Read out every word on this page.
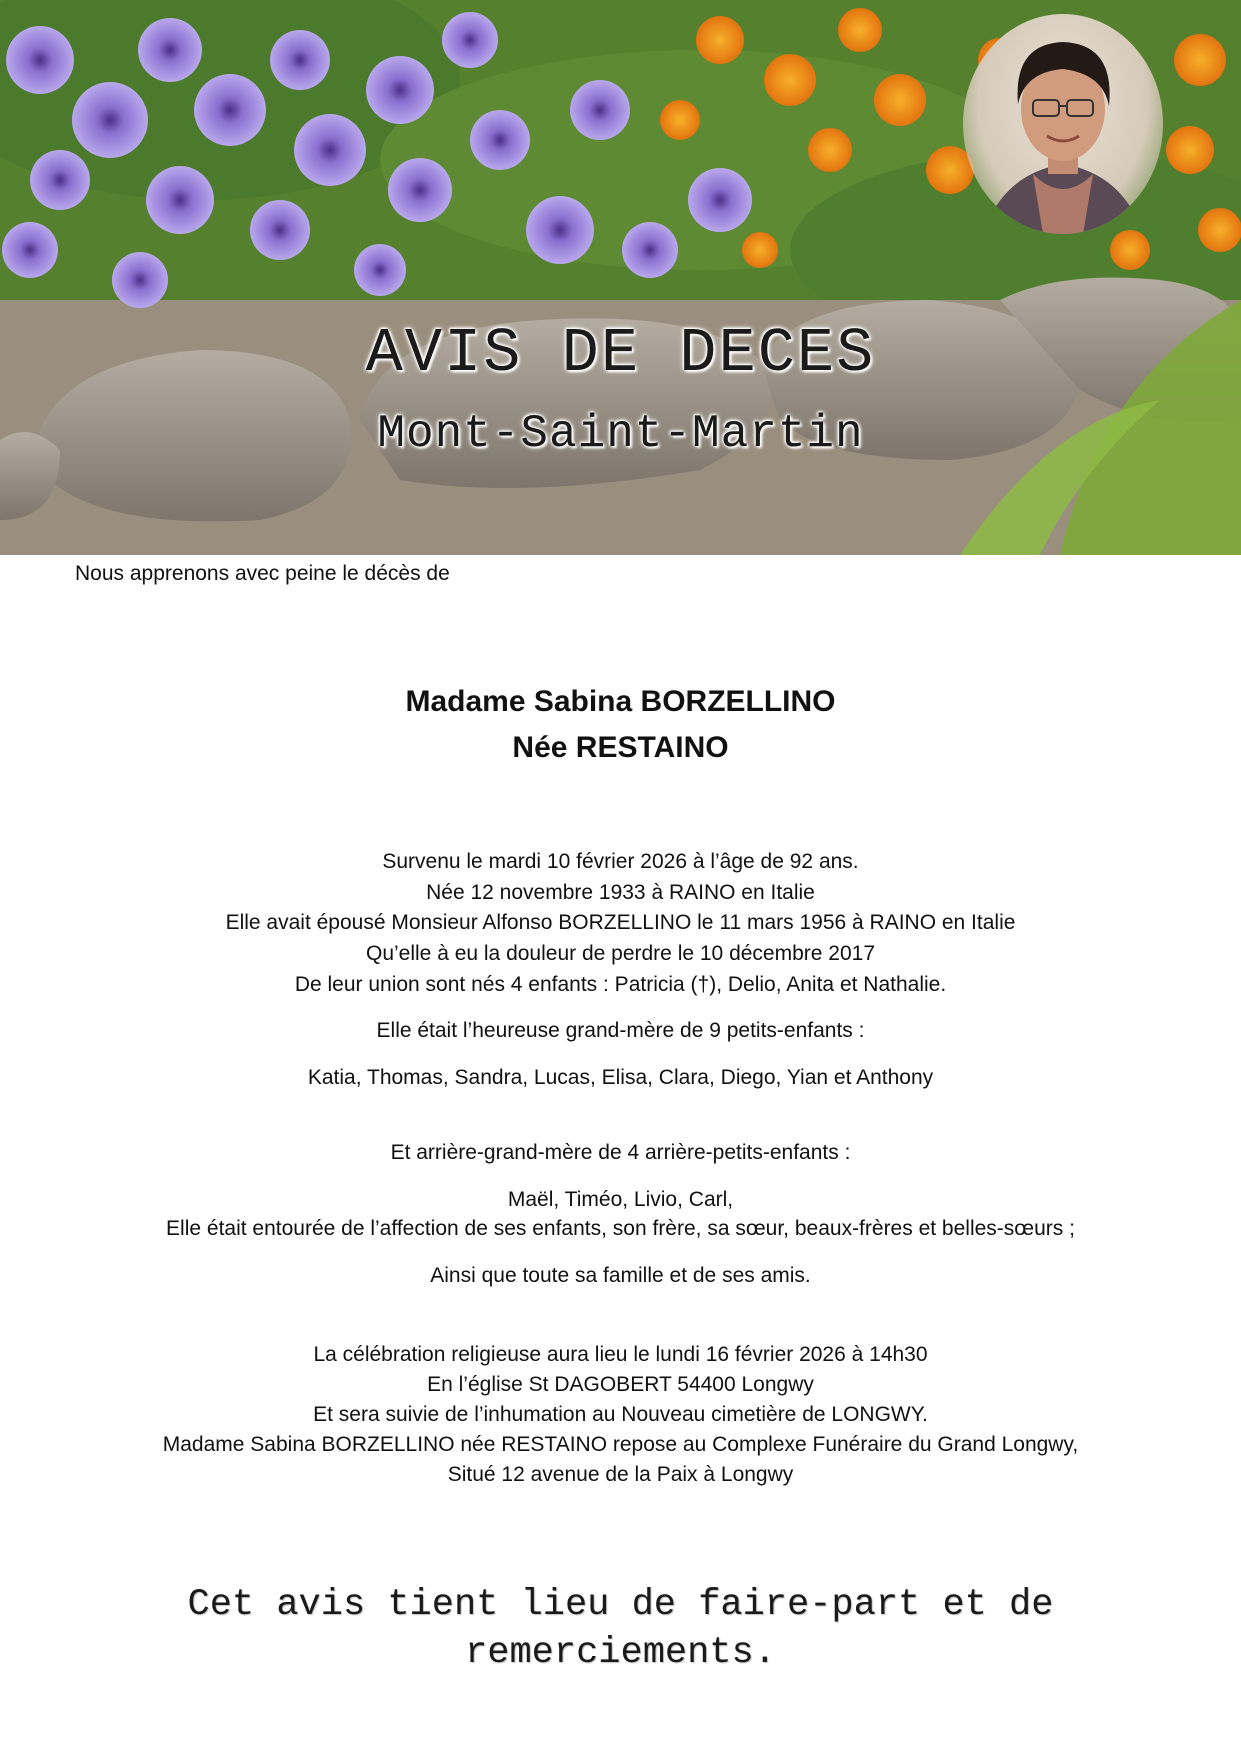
AVIS DE DECES
Mont-Saint-Martin
Nous apprenons avec peine le décès de
Madame Sabina BORZELLINO
Née RESTAINO
Survenu le mardi 10 février 2026 à l’âge de 92 ans.
Née 12 novembre 1933 à RAINO en Italie
Elle avait épousé Monsieur Alfonso BORZELLINO le 11 mars 1956 à RAINO en Italie
Qu’elle à eu la douleur de perdre le 10 décembre 2017
De leur union sont nés 4 enfants : Patricia (†), Delio, Anita et Nathalie.
Elle était l’heureuse grand-mère de 9 petits-enfants :
Katia, Thomas, Sandra, Lucas, Elisa, Clara, Diego, Yian et Anthony
Et arrière-grand-mère de 4 arrière-petits-enfants :
Maël, Timéo, Livio, Carl,
Elle était entourée de l’affection de ses enfants, son frère, sa sœur, beaux-frères et belles-sœurs ;
Ainsi que toute sa famille et de ses amis.
La célébration religieuse aura lieu le lundi 16 février 2026 à 14h30
En l’église St DAGOBERT 54400 Longwy
Et sera suivie de l’inhumation au Nouveau cimetière de LONGWY.
Madame Sabina BORZELLINO née RESTAINO repose au Complexe Funéraire du Grand Longwy,
Situé 12 avenue de la Paix à Longwy
Cet avis tient lieu de faire-part et de
remerciements.
